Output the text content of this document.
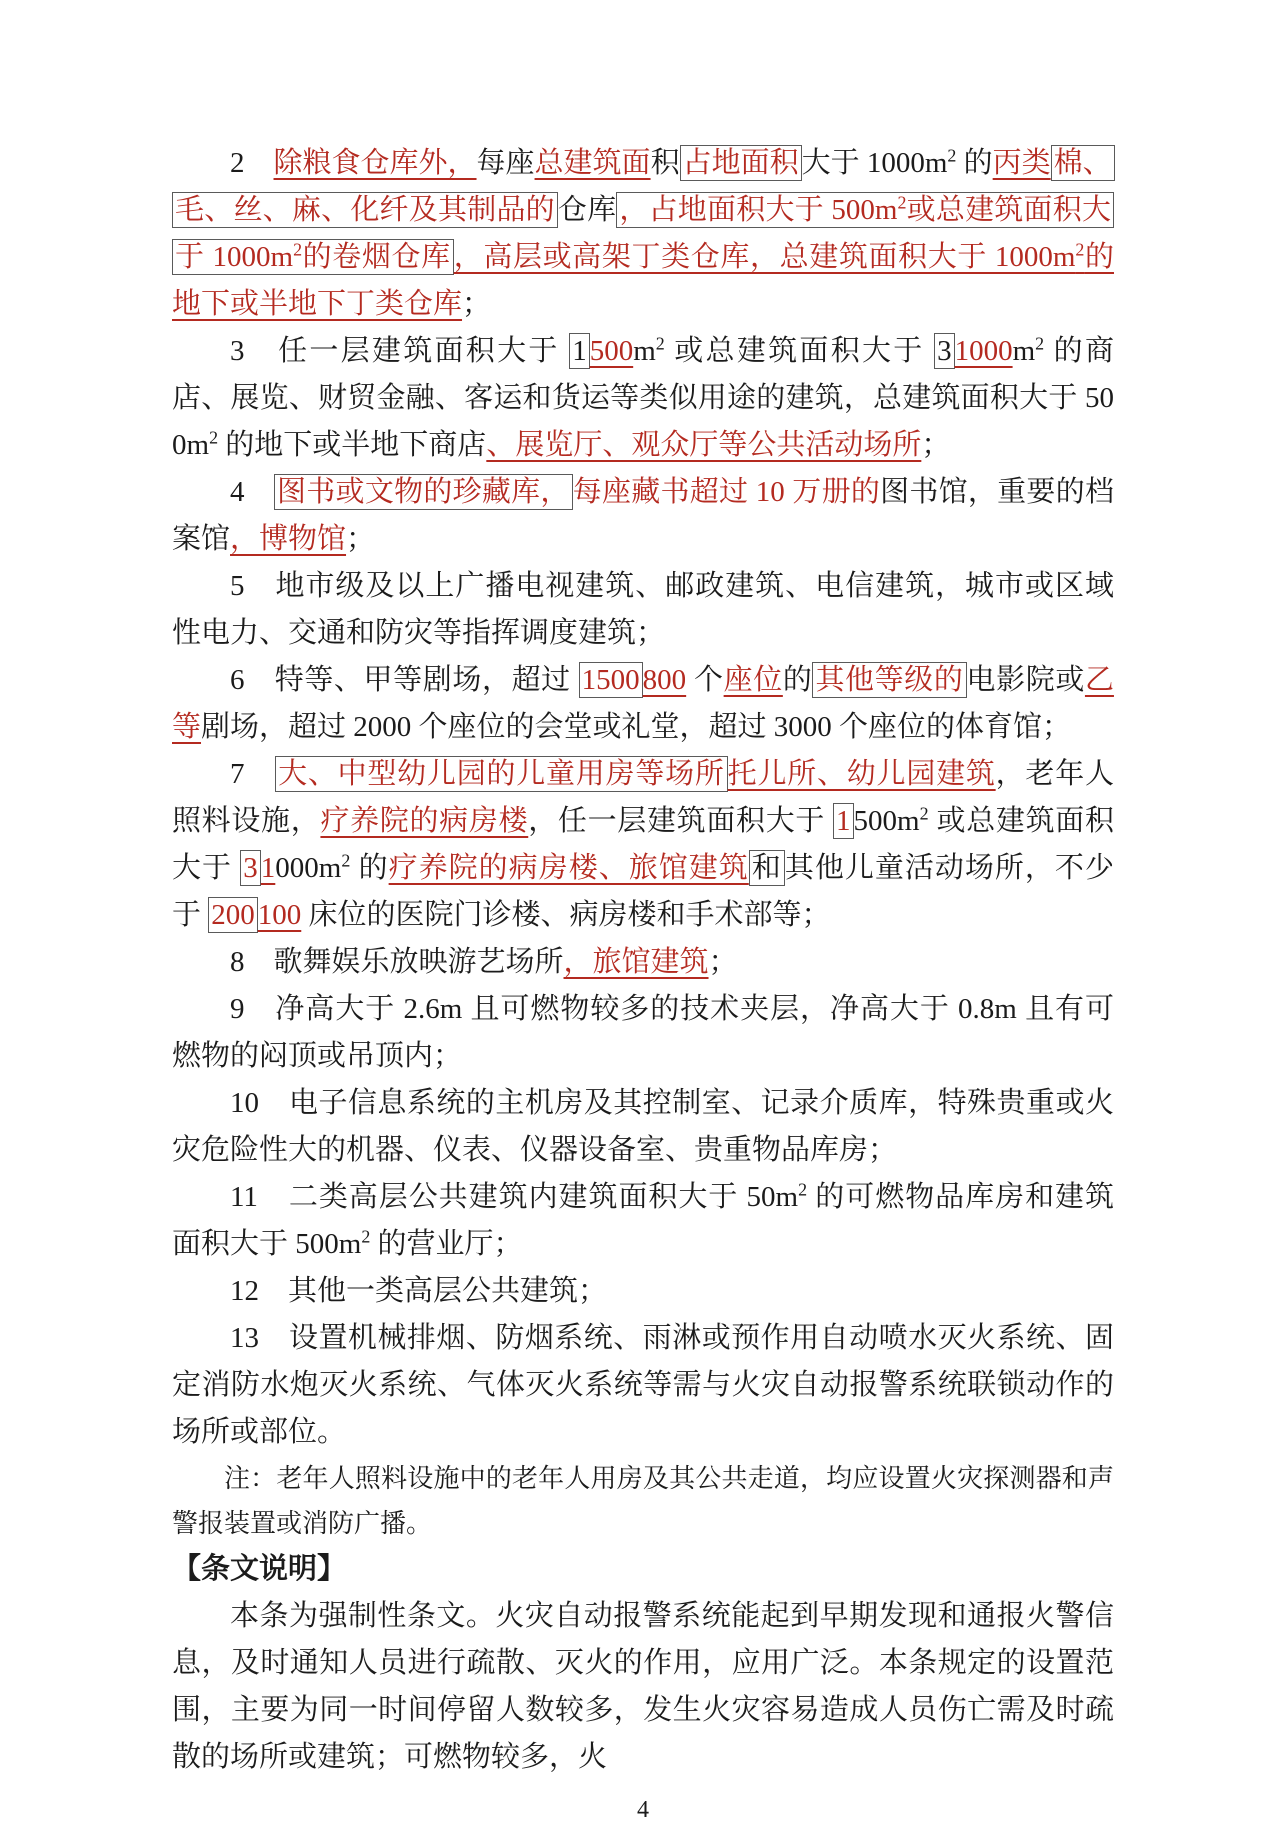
2　除粮食仓库外，每座总建筑面积 占地面积 大于 $1000m^2$ 的丙类 棉、毛、丝、麻、化纤及其制品的 仓库 ，占地面积大于 $500m^2$或总建筑面积大于 $1000m^2$的卷烟仓库 ，高层或高架丁类仓库，总建筑面积大于 $1000m^2$的地下或半地下丁类仓库；

3　任一层建筑面积大于 1 $500m^2$ 或总建筑面积大于 3 $1000m^2$ 的商店、展览、财贸金融、客运和货运等类似用途的建筑，总建筑面积大于 $500m^2$ 的地下或半地下商店、展览厅、观众厅等公共活动场所；

4　图书或文物的珍藏库， 每座藏书超过 10 万册的图书馆，重要的档案馆，博物馆；

5　地市级及以上广播电视建筑、邮政建筑、电信建筑，城市或区域性电力、交通和防灾等指挥调度建筑；

6　特等、甲等剧场，超过 1500 800 个座位的 其他等级的 电影院或乙等剧场，超过 2000 个座位的会堂或礼堂，超过 3000 个座位的体育馆；

7　大、中型幼儿园的儿童用房等场所 托儿所、幼儿园建筑，老年人照料设施，疗养院的病房楼，任一层建筑面积大于 1 $500m^2$ 或总建筑面积大于 3 $1000m^2$ 的疗养院的病房楼、旅馆建筑 和 其他儿童活动场所，不少于 200 100 床位的医院门诊楼、病房楼和手术部等；

8　歌舞娱乐放映游艺场所，旅馆建筑；

9　净高大于 2.6m 且可燃物较多的技术夹层，净高大于 0.8m 且有可燃物的闷顶或吊顶内；

10　电子信息系统的主机房及其控制室、记录介质库，特殊贵重或火灾危险性大的机器、仪表、仪器设备室、贵重物品库房；

11　二类高层公共建筑内建筑面积大于 $50m^2$ 的可燃物品库房和建筑面积大于 $500m^2$ 的营业厅；

12　其他一类高层公共建筑；

13　设置机械排烟、防烟系统、雨淋或预作用自动喷水灭火系统、固定消防水炮灭火系统、气体灭火系统等需与火灾自动报警系统联锁动作的场所或部位。

注：老年人照料设施中的老年人用房及其公共走道，均应设置火灾探测器和声警报装置或消防广播。

【条文说明】

本条为强制性条文。火灾自动报警系统能起到早期发现和通报火警信息，及时通知人员进行疏散、灭火的作用，应用广泛。本条规定的设置范围，主要为同一时间停留人数较多，发生火灾容易造成人员伤亡需及时疏散的场所或建筑；可燃物较多，火

4
